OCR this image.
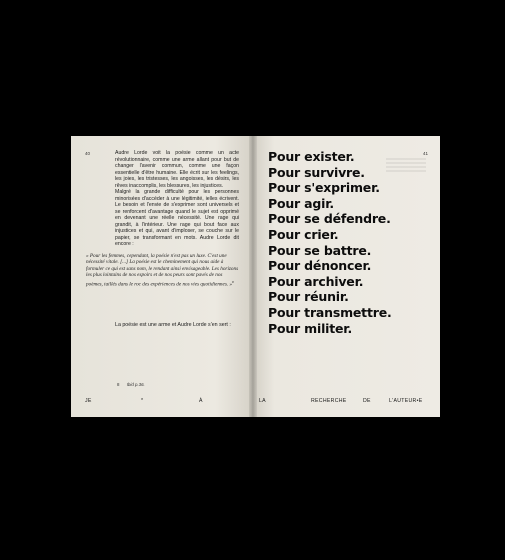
40	Audre Lorde voit la poésie comme un acte révolutionnaire, comme une arme allant pour but de changer l'avenir commun, comme une façon essentielle d'être humaine. Elle écrit sur les feelings, les joies, les tristesses, les angoisses, les désirs, les rêves inaccomplis, les blessures, les injustices.

Malgré la grande difficulté pour les personnes minorisées d'accéder à une légitimité, ielles écrivent. Le besoin et l'envie de s'exprimer sont universels et se renforcent d'avantage quand le sujet est opprimé en devenant une réelle nécessité. Une rage qui grandit, à l'intérieur. Une rage qui bout face aux injustices et qui, avant d'imploser, se couche sur le papier, se transformant en mots. Audre Lorde dit encore :

« Pour les femmes, cependant, la poésie n'est pas un luxe. C'est une nécessité vitale. [...] La poésie est le cheminement qui nous aide à formuler ce qui est sans nom, le rendant ainsi envisageable. Les horizons les plus lointains de nos espoirs et de nos peurs sont pavés de nos poèmes, taillés dans le roc des expériences de nos vies quotidiennes. »$^8$

La poésie est une arme et Audre Lorde s'en sert :
8 Ibid p.36.
41
Pour exister.
Pour survivre.
Pour s'exprimer.
Pour agir.
Pour se défendre.
Pour crier.
Pour se battre.
Pour dénoncer.
Pour archiver.
Pour réunir.
Pour transmettre.
Pour militer.
JE	*	À	LA	RECHERCHE	DE	L'AUTEUR•E
